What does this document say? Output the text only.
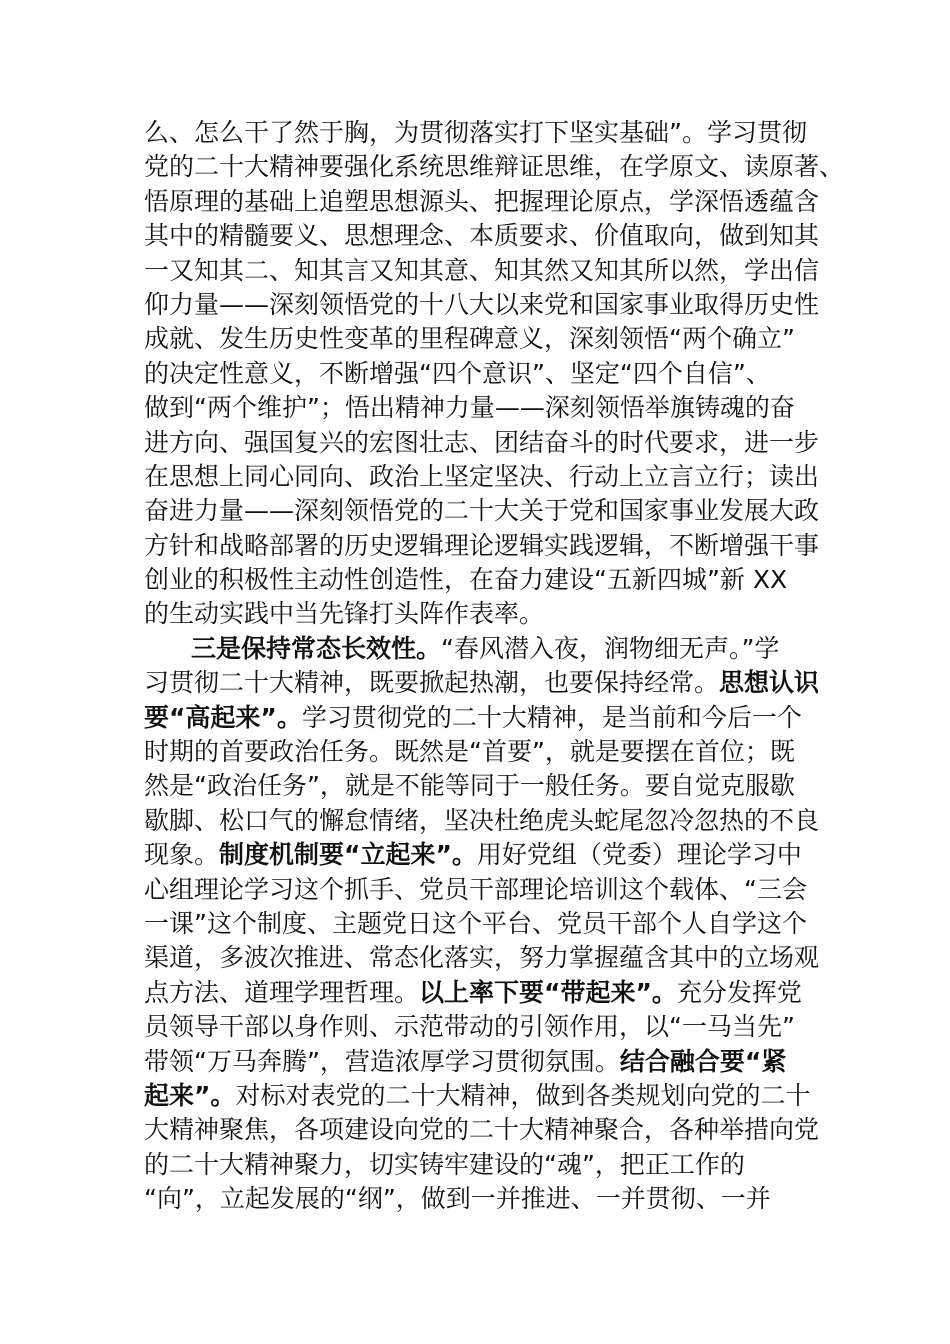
么、怎么干了然于胸，为贯彻落实打下坚实基础”。学习贯彻
党的二十大精神要强化系统思维辩证思维，在学原文、读原著、
悟原理的基础上追塑思想源头、把握理论原点，学深悟透蕴含
其中的精髓要义、思想理念、本质要求、价值取向，做到知其
一又知其二、知其言又知其意、知其然又知其所以然，学出信
仰力量——深刻领悟党的十八大以来党和国家事业取得历史性
成就、发生历史性变革的里程碑意义，深刻领悟“两个确立”
的决定性意义，不断增强“四个意识”、坚定“四个自信”、
做到“两个维护”；悟出精神力量——深刻领悟举旗铸魂的奋
进方向、强国复兴的宏图壮志、团结奋斗的时代要求，进一步
在思想上同心同向、政治上坚定坚决、行动上立言立行；读出
奋进力量——深刻领悟党的二十大关于党和国家事业发展大政
方针和战略部署的历史逻辑理论逻辑实践逻辑，不断增强干事
创业的积极性主动性创造性，在奋力建设“五新四城”新 XX
的生动实践中当先锋打头阵作表率。
三是保持常态长效性。“春风潜入夜，润物细无声。”学
习贯彻二十大精神，既要掀起热潮，也要保持经常。思想认识
要“高起来”。学习贯彻党的二十大精神，是当前和今后一个
时期的首要政治任务。既然是“首要”，就是要摆在首位；既
然是“政治任务”，就是不能等同于一般任务。要自觉克服歇
歇脚、松口气的懈怠情绪，坚决杜绝虎头蛇尾忽冷忽热的不良
现象。制度机制要“立起来”。用好党组（党委）理论学习中
心组理论学习这个抓手、党员干部理论培训这个载体、“三会
一课”这个制度、主题党日这个平台、党员干部个人自学这个
渠道，多波次推进、常态化落实，努力掌握蕴含其中的立场观
点方法、道理学理哲理。以上率下要“带起来”。充分发挥党
员领导干部以身作则、示范带动的引领作用，以“一马当先”
带领“万马奔腾”，营造浓厚学习贯彻氛围。结合融合要“紧
起来”。对标对表党的二十大精神，做到各类规划向党的二十
大精神聚焦，各项建设向党的二十大精神聚合，各种举措向党
的二十大精神聚力，切实铸牢建设的“魂”，把正工作的
“向”，立起发展的“纲”，做到一并推进、一并贯彻、一并
